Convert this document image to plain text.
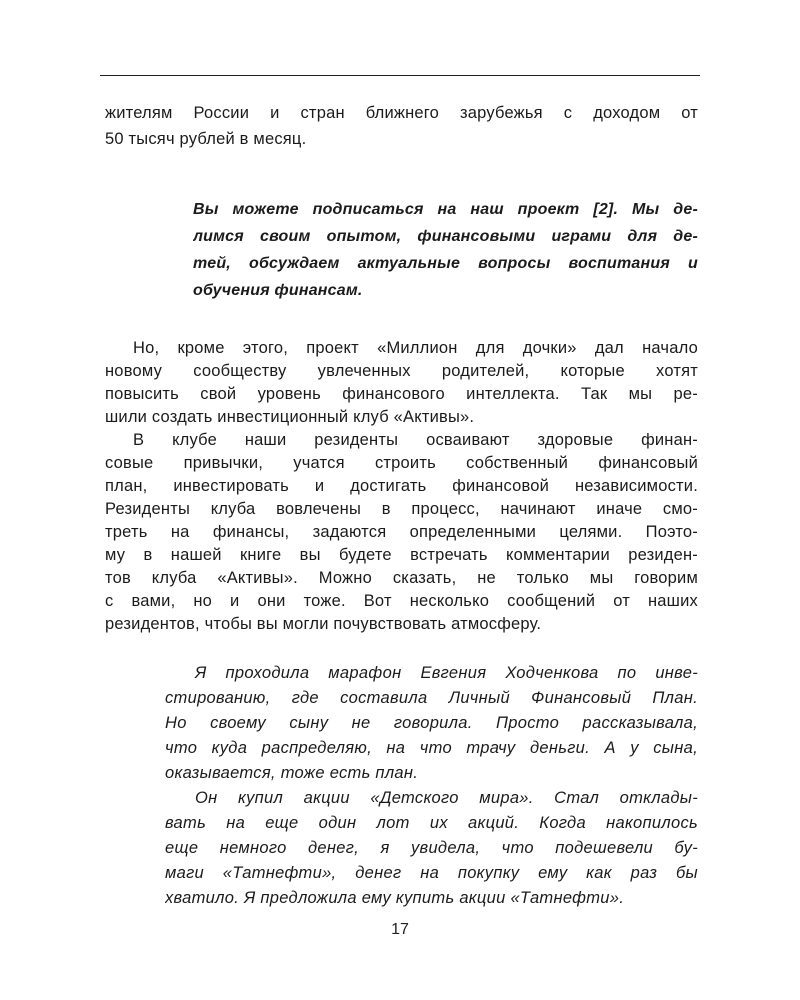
жителям России и стран ближнего зарубежья с доходом от
50 тысяч рублей в месяц.
Вы можете подписаться на наш проект [2]. Мы де-
лимся своим опытом, финансовыми играми для де-
тей, обсуждаем актуальные вопросы воспитания и
обучения финансам.
Но, кроме этого, проект «Миллион для дочки» дал начало
новому сообществу увлеченных родителей, которые хотят
повысить свой уровень финансового интеллекта. Так мы ре-
шили создать инвестиционный клуб «Активы».
В клубе наши резиденты осваивают здоровые финан-
совые привычки, учатся строить собственный финансовый
план, инвестировать и достигать финансовой независимости.
Резиденты клуба вовлечены в процесс, начинают иначе смо-
треть на финансы, задаются определенными целями. Поэто-
му в нашей книге вы будете встречать комментарии резиден-
тов клуба «Активы». Можно сказать, не только мы говорим
с вами, но и они тоже. Вот несколько сообщений от наших
резидентов, чтобы вы могли почувствовать атмосферу.
Я проходила марафон Евгения Ходченкова по инве-
стированию, где составила Личный Финансовый План.
Но своему сыну не говорила. Просто рассказывала,
что куда распределяю, на что трачу деньги. А у сына,
оказывается, тоже есть план.
Он купил акции «Детского мира». Стал отклады-
вать на еще один лот их акций. Когда накопилось
еще немного денег, я увидела, что подешевели бу-
маги «Татнефти», денег на покупку ему как раз бы
хватило. Я предложила ему купить акции «Татнефти».
17
